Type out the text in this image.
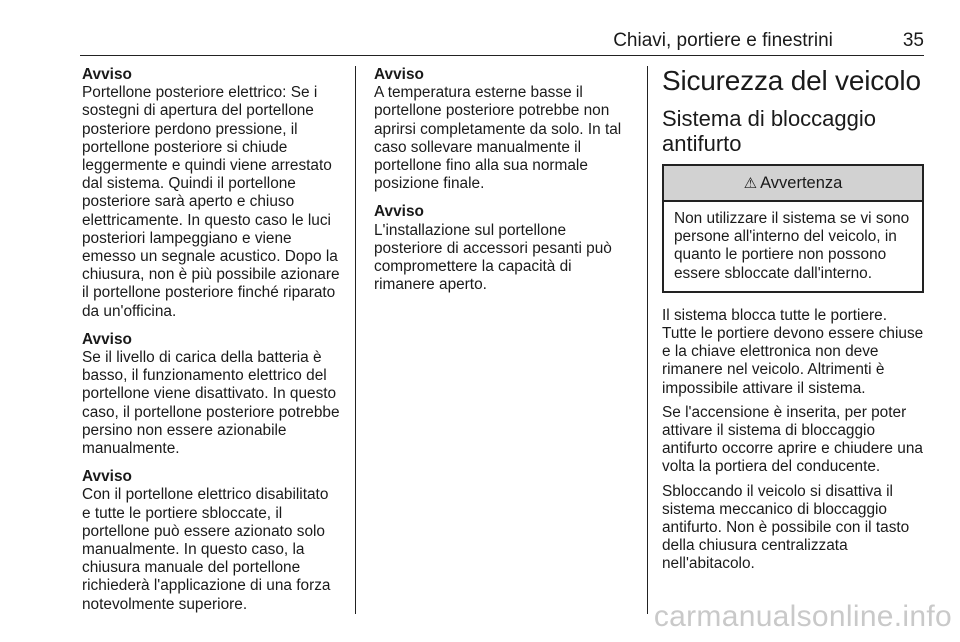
Chiavi, portiere e finestrini	35
Avviso

Portellone posteriore elettrico: Se i sostegni di apertura del portellone posteriore perdono pressione, il portellone posteriore si chiude leggermente e quindi viene arrestato dal sistema. Quindi il portellone posteriore sarà aperto e chiuso elettricamente. In questo caso le luci posteriori lampeggiano e viene emesso un segnale acustico. Dopo la chiusura, non è più possibile azionare il portellone posteriore finché riparato da un'officina.

Avviso

Se il livello di carica della batteria è basso, il funzionamento elettrico del portellone viene disattivato. In questo caso, il portellone posteriore potrebbe persino non essere azionabile manualmente.

Avviso

Con il portellone elettrico disabilitato e tutte le portiere sbloccate, il portellone può essere azionato solo manualmente. In questo caso, la chiusura manuale del portellone richiederà l'applicazione di una forza notevolmente superiore.

Avviso

A temperatura esterne basse il portellone posteriore potrebbe non aprirsi completamente da solo. In tal caso sollevare manualmente il portellone fino alla sua normale posizione finale.

Avviso

L'installazione sul portellone posteriore di accessori pesanti può compromettere la capacità di rimanere aperto.

Sicurezza del veicolo
Sistema di bloccaggio antifurto
⚠ Avvertenza
Non utilizzare il sistema se vi sono persone all'interno del veicolo, in quanto le portiere non possono essere sbloccate dall'interno.

Il sistema blocca tutte le portiere. Tutte le portiere devono essere chiuse e la chiave elettronica non deve rimanere nel veicolo. Altrimenti è impossibile attivare il sistema.

Se l'accensione è inserita, per poter attivare il sistema di bloccaggio antifurto occorre aprire e chiudere una volta la portiera del conducente.

Sbloccando il veicolo si disattiva il sistema meccanico di bloccaggio antifurto. Non è possibile con il tasto della chiusura centralizzata nell'abitacolo.

carmanualsonline.info
